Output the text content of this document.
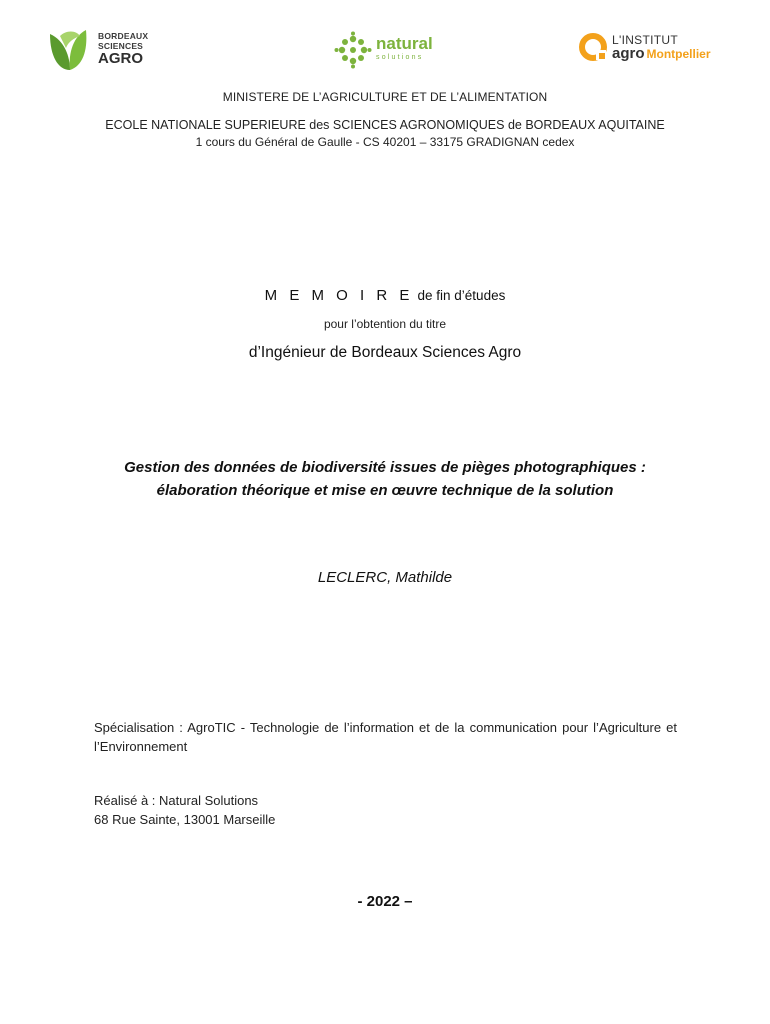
BORDEAUX
SCIENCES
AGRO
natural
solutions
L'INSTITUT
agro Montpellier
MINISTERE DE L’AGRICULTURE ET DE L’ALIMENTATION
ECOLE NATIONALE SUPERIEURE des SCIENCES AGRONOMIQUES de BORDEAUX AQUITAINE
1 cours du Général de Gaulle - CS 40201 – 33175 GRADIGNAN cedex
M E M O I R E de fin d’études
pour l’obtention du titre
d’Ingénieur de Bordeaux Sciences Agro
Gestion des données de biodiversité issues de pièges photographiques :
élaboration théorique et mise en œuvre technique de la solution
LECLERC, Mathilde
Spécialisation : AgroTIC - Technologie de l’information et de la communication pour l’Agriculture et l’Environnement
Réalisé à : Natural Solutions
68 Rue Sainte, 13001 Marseille
- 2022 –
